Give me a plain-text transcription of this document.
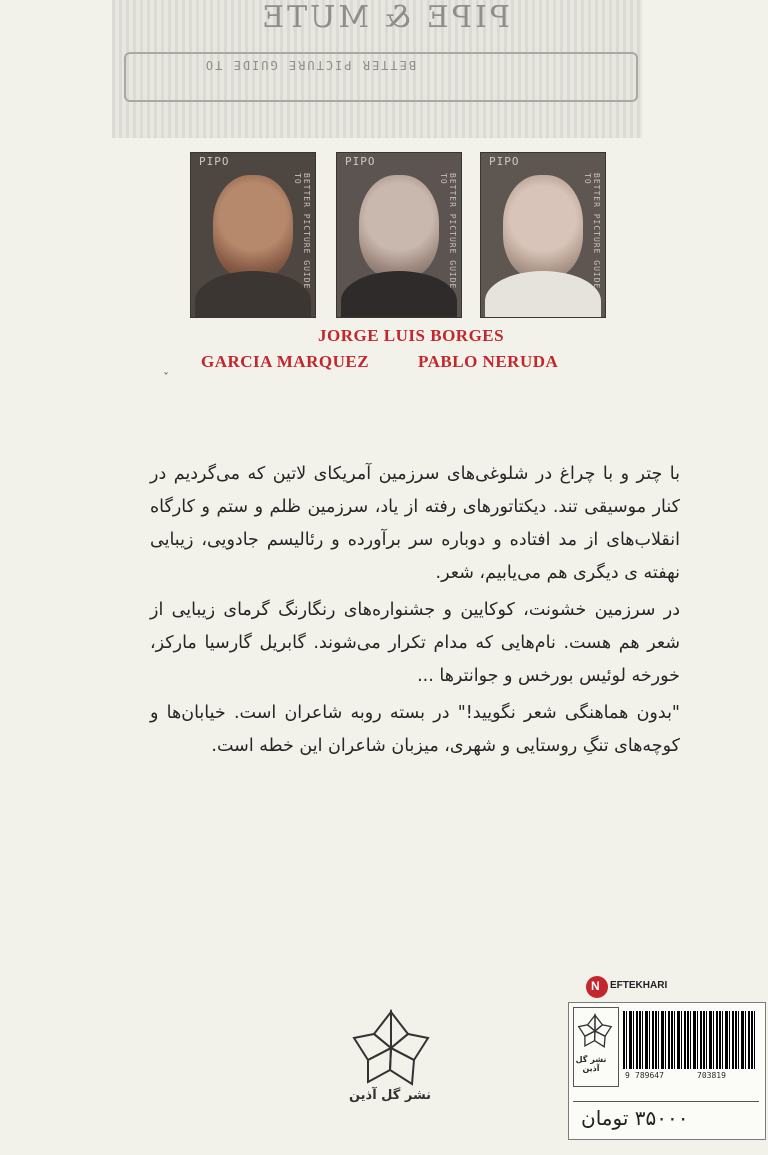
PIPE & MUTE
BETTER PICTURE GUIDE TO
PIPO
BETTER PICTURE GUIDE TO
PIPO
BETTER PICTURE GUIDE TO
PIPO
BETTER PICTURE GUIDE TO
JORGE LUIS BORGES
GARCIA MARQUEZ	PABLO NERUDA
ˇ

با چتر و با چراغ در شلوغی‌های سرزمین آمریکای لاتین که می‌گردیم در کنار موسیقی تند. دیکتاتورهای رفته از یاد، سرزمین ظلم و ستم و کارگاه انقلاب‌های از مد افتاده و دوباره سر برآورده و رئالیسم جادویی، زیبایی نهفته‌ ی دیگری هم می‌یابیم، شعر.

در سرزمین خشونت، کوکایین و جشنواره‌های رنگارنگ گرمای زیبایی از شعر هم هست. نام‌هایی که مدام تکرار می‌شوند. گابریل گارسیا مارکز، خورخه لوئیس بورخس و جوانترها ...

"بدون هماهنگی شعر نگویید!" در بسته روبه شاعران است. خیابان‌ها و کوچه‌های تنگِ روستایی و شهری، میزبان شاعران این خطه است.

N EFTEKHARI
نشر گل آذین
نشر گل آذین
9 789647	703819
۳۵۰۰۰ تومان
